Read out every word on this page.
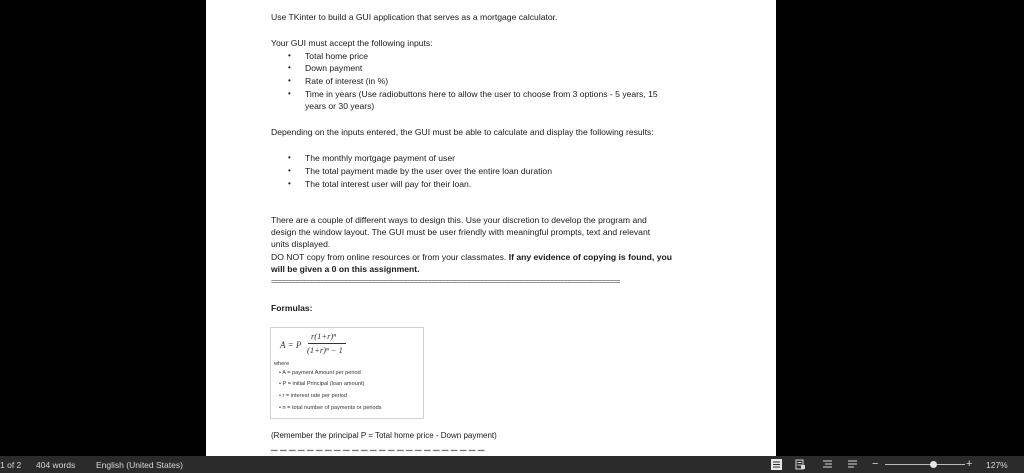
Use TKinter to build a GUI application that serves as a mortgage calculator.
Your GUI must accept the following inputs:
• Total home price
• Down payment
• Rate of interest (in %)
• Time in years (Use radiobuttons here to allow the user to choose from 3 options - 5 years, 15
years or 30 years)
Depending on the inputs entered, the GUI must be able to calculate and display the following results:
• The monthly mortgage payment of user
• The total payment made by the user over the entire loan duration
• The total interest user will pay for their loan.
There are a couple of different ways to design this. Use your discretion to develop the program and
design the window layout. The GUI must be user friendly with meaningful prompts, text and relevant
units displayed.
DO NOT copy from online resources or from your classmates. If any evidence of copying is found, you
will be given a 0 on this assignment.
====================================================================================================
Formulas:
A = P
r(1+r)ⁿ
(1+r)ⁿ − 1
where
• A = payment Amount per period
• P = initial Principal (loan amount)
• r = interest rate per period
• n = total number of payments or periods
(Remember the principal P = Total home price - Down payment)
▔ ▔ ▔ ▔ ▔ ▔ ▔ ▔ ▔ ▔ ▔ ▔ ▔ ▔ ▔ ▔ ▔ ▔ ▔ ▔ ▔ ▔ ▔ ▔
1 of 2 404 words English (United States)	−	+ 127%
